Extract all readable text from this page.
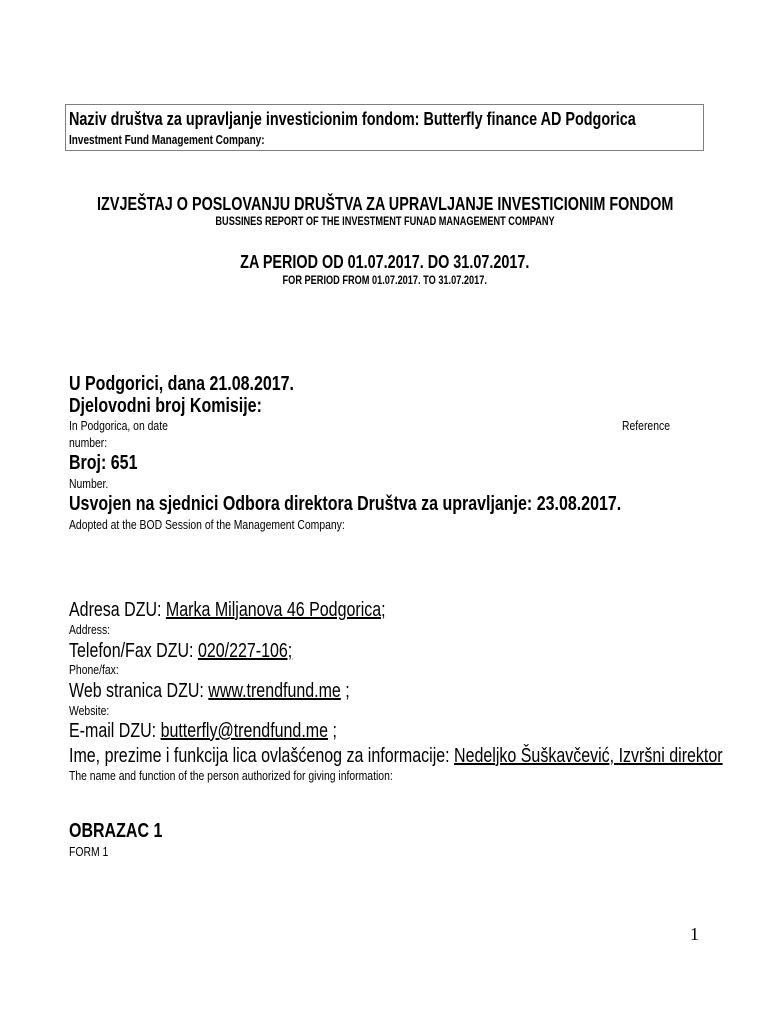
Naziv društva za upravljanje investicionim fondom: Butterfly finance AD Podgorica
Investment Fund Management Company:
IZVJEŠTAJ O POSLOVANJU DRUŠTVA ZA UPRAVLJANJE INVESTICIONIM FONDOM
BUSSINES REPORT OF THE INVESTMENT FUNAD MANAGEMENT COMPANY
ZA PERIOD OD 01.07.2017. DO 31.07.2017.
FOR PERIOD FROM 01.07.2017. TO 31.07.2017.
U Podgorici, dana 21.08.2017.
Djelovodni broj Komisije:
In Podgorica, on date	Reference
number:
Broj: 651
Number.
Usvojen na sjednici Odbora direktora Društva za upravljanje: 23.08.2017.
Adopted at the BOD Session of the Management Company:
Adresa DZU: Marka Miljanova 46 Podgorica;
Address:
Telefon/Fax DZU: 020/227-106;
Phone/fax:
Web stranica DZU: www.trendfund.me ;
Website:
E-mail DZU: butterfly@trendfund.me ;
Ime, prezime i funkcija lica ovlašćenog za informacije: Nedeljko Šuškavčević, Izvršni direktor
The name and function of the person authorized for giving information:
OBRAZAC 1
FORM 1
1
